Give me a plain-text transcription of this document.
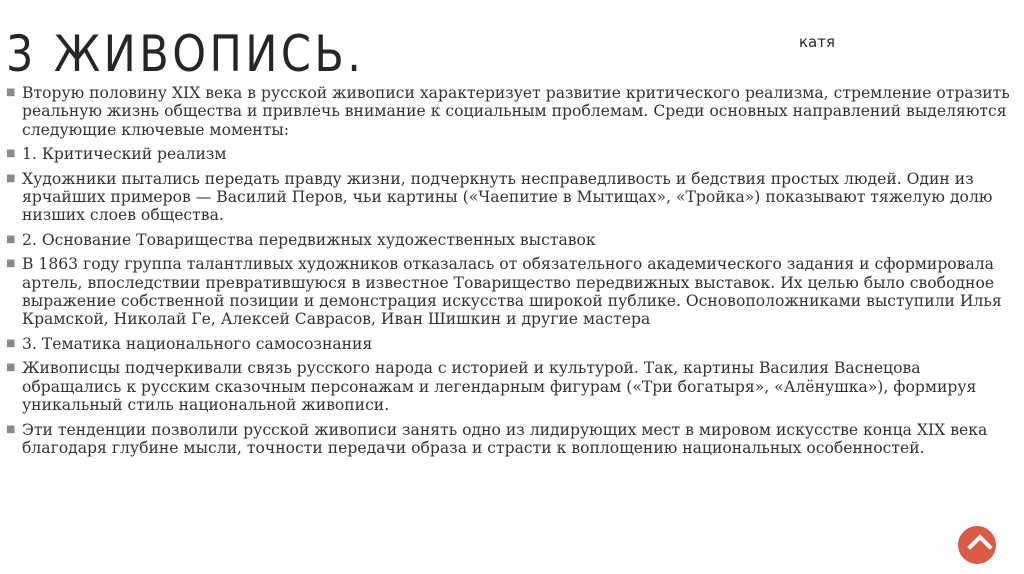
3 ЖИВОПИСЬ.	катя
■ Вторую половину XIX века в русской живописи характеризует развитие критического реализма, стремление отразить реальную жизнь общества и привлечь внимание к социальным проблемам. Среди основных направлений выделяются следующие ключевые моменты:
■ 1. Критический реализм
■ Художники пытались передать правду жизни, подчеркнуть несправедливость и бедствия простых людей. Один из ярчайших примеров — Василий Перов, чьи картины («Чаепитие в Мытищах», «Тройка») показывают тяжелую долю низших слоев общества.
■ 2. Основание Товарищества передвижных художественных выставок
■ В 1863 году группа талантливых художников отказалась от обязательного академического задания и сформировала артель, впоследствии превратившуюся в известное Товарищество передвижных выставок. Их целью было свободное выражение собственной позиции и демонстрация искусства широкой публике. Основоположниками выступили Илья Крамской, Николай Ге, Алексей Саврасов, Иван Шишкин и другие мастера
■ 3. Тематика национального самосознания
■ Живописцы подчеркивали связь русского народа с историей и культурой. Так, картины Василия Васнецова обращались к русским сказочным персонажам и легендарным фигурам («Три богатыря», «Алёнушка»), формируя уникальный стиль национальной живописи.
■ Эти тенденции позволили русской живописи занять одно из лидирующих мест в мировом искусстве конца XIX века благодаря глубине мысли, точности передачи образа и страсти к воплощению национальных особенностей.
